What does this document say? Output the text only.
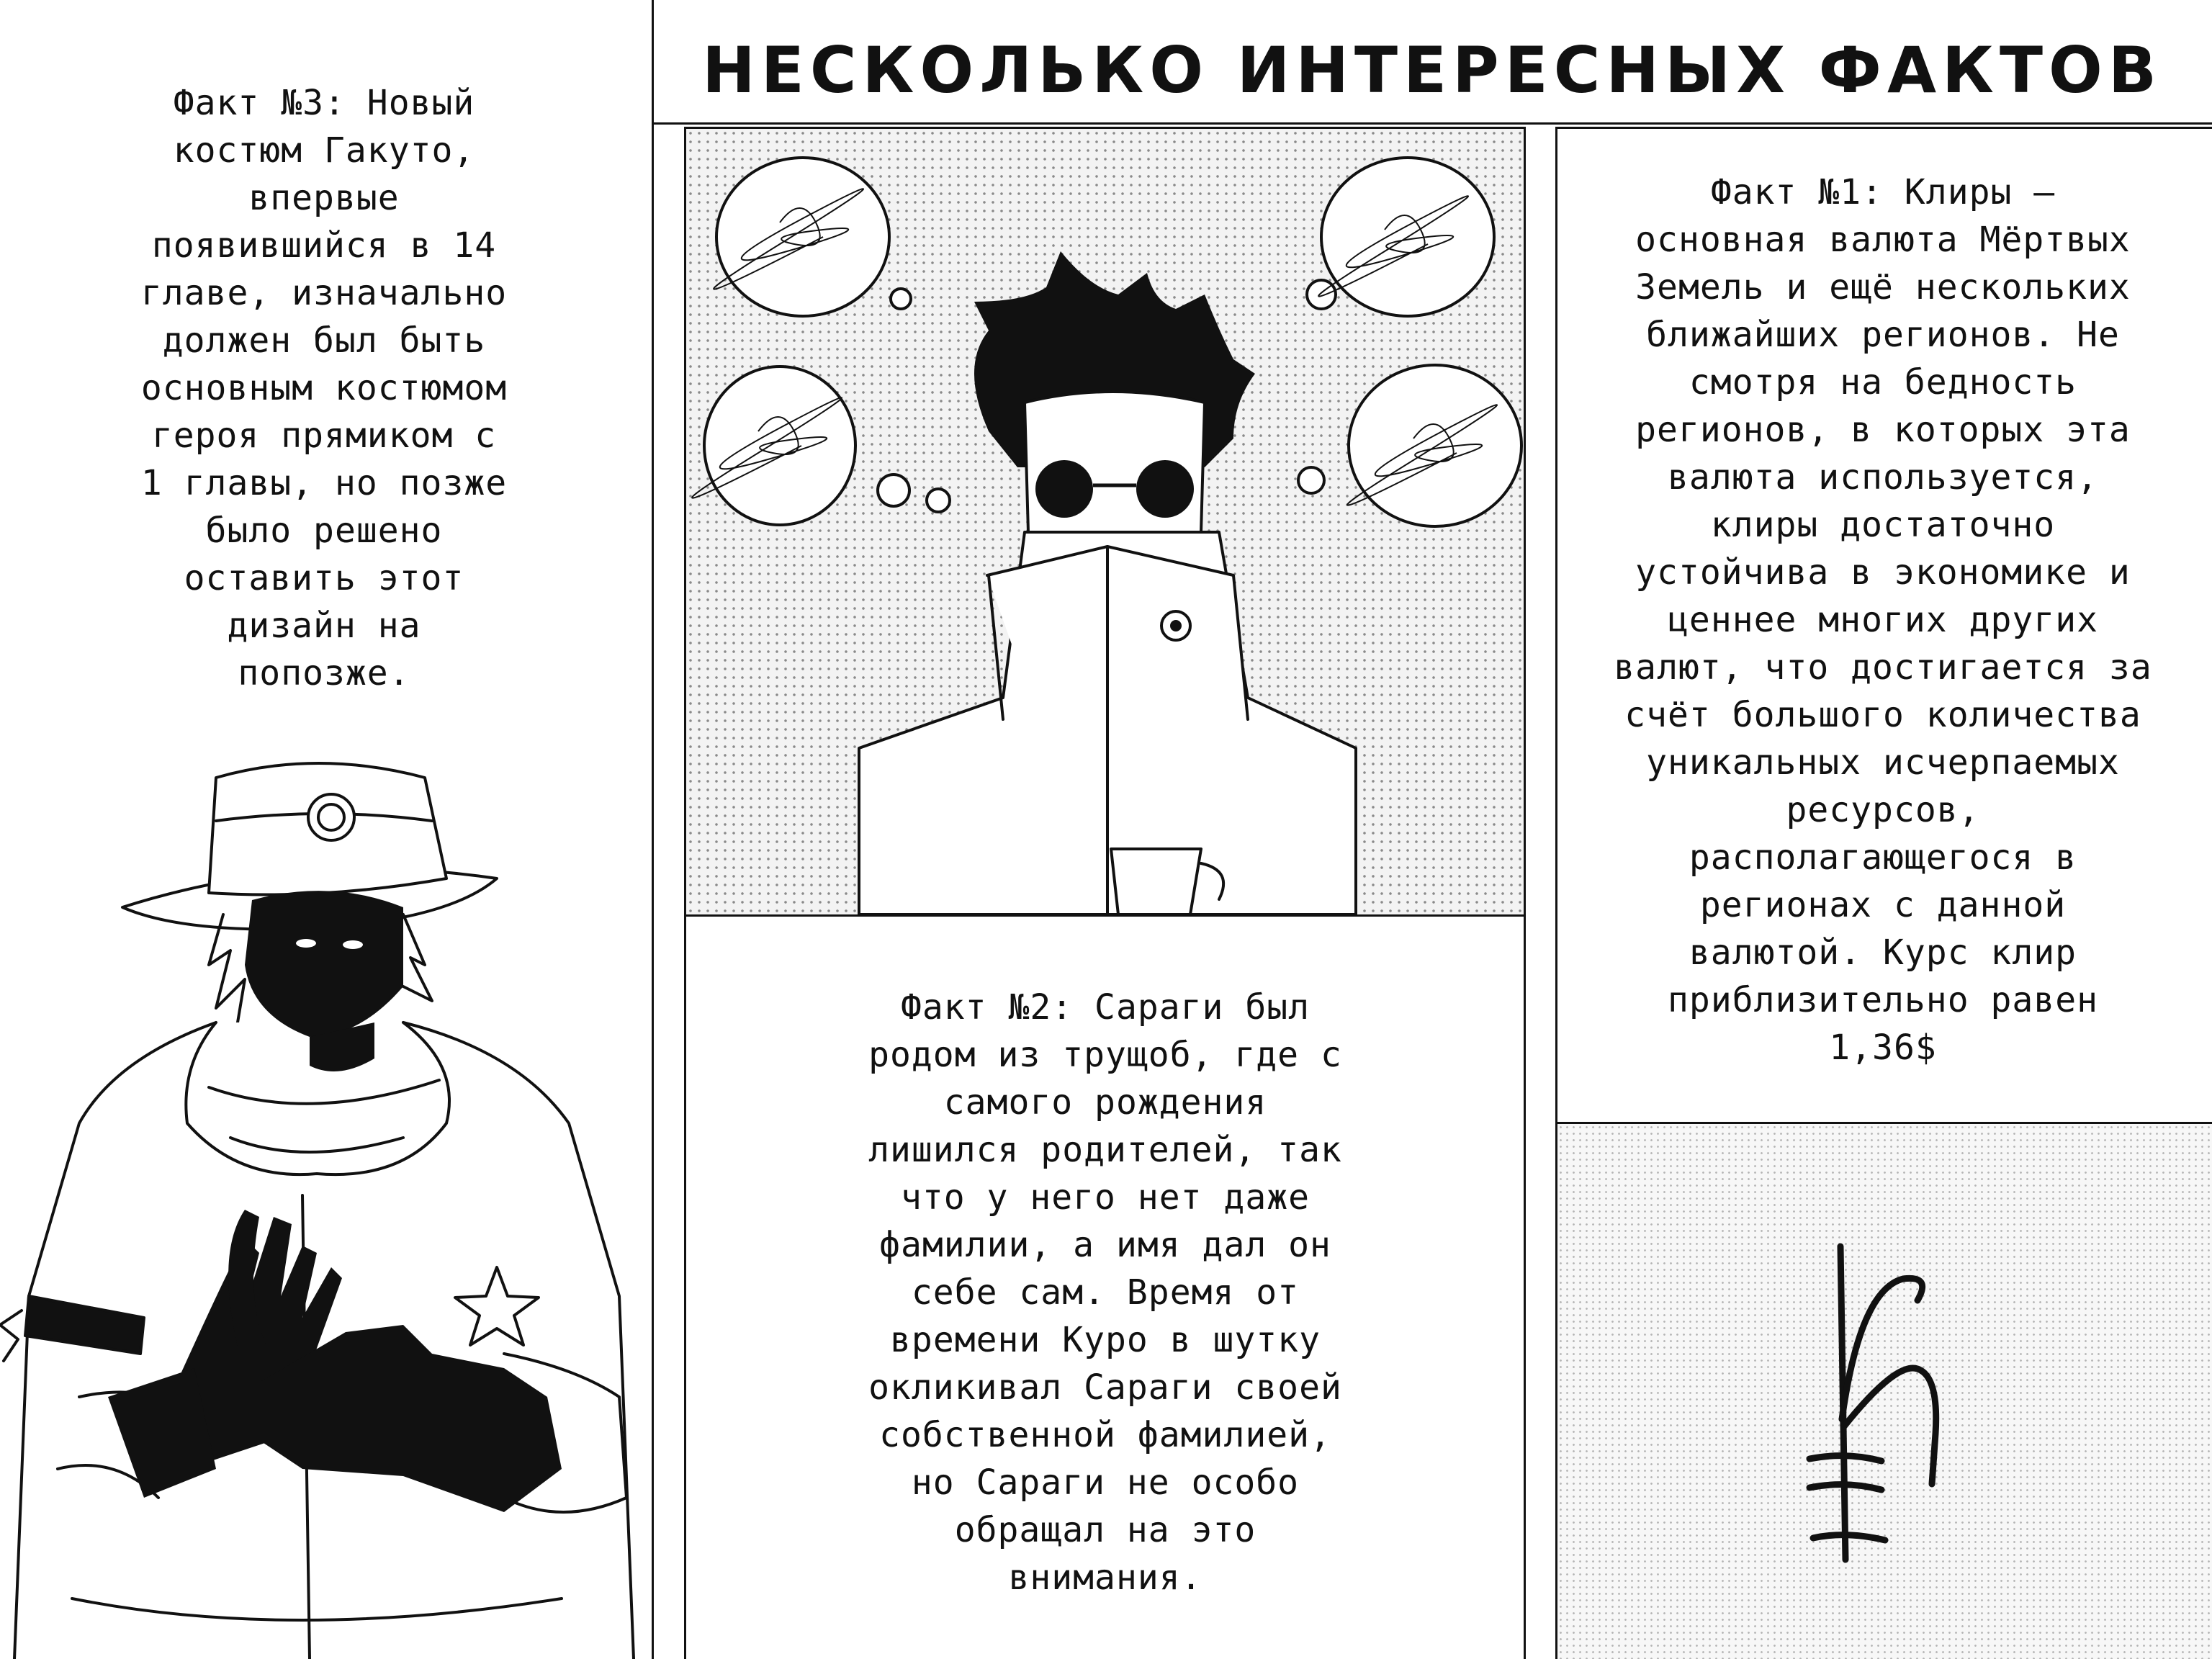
НЕСКОЛЬКО ИНТЕРЕСНЫХ ФАКТОВ
Факт №3: Новый
костюм Гакуто,
впервые
появившийся в 14
главе, изначально
должен был быть
основным костюмом
героя прямиком с
1 главы, но позже
было решено
оставить этот
дизайн на
попозже.
Факт №2: Сараги был
родом из трущоб, где с
самого рождения
лишился родителей, так
что у него нет даже
фамилии, а имя дал он
себе сам. Время от
времени Куро в шутку
окликивал Сараги своей
собственной фамилией,
но Сараги не особо
обращал на это
внимания.
Факт №1: Клиры –
основная валюта Мёртвых
Земель и ещё нескольких
ближайших регионов. Не
смотря на бедность
регионов, в которых эта
валюта используется,
клиры достаточно
устойчива в экономике и
ценнее многих других
валют, что достигается за
счёт большого количества
уникальных исчерпаемых
ресурсов,
располагающегося в
регионах с данной
валютой. Курс клир
приблизительно равен
1,36$
